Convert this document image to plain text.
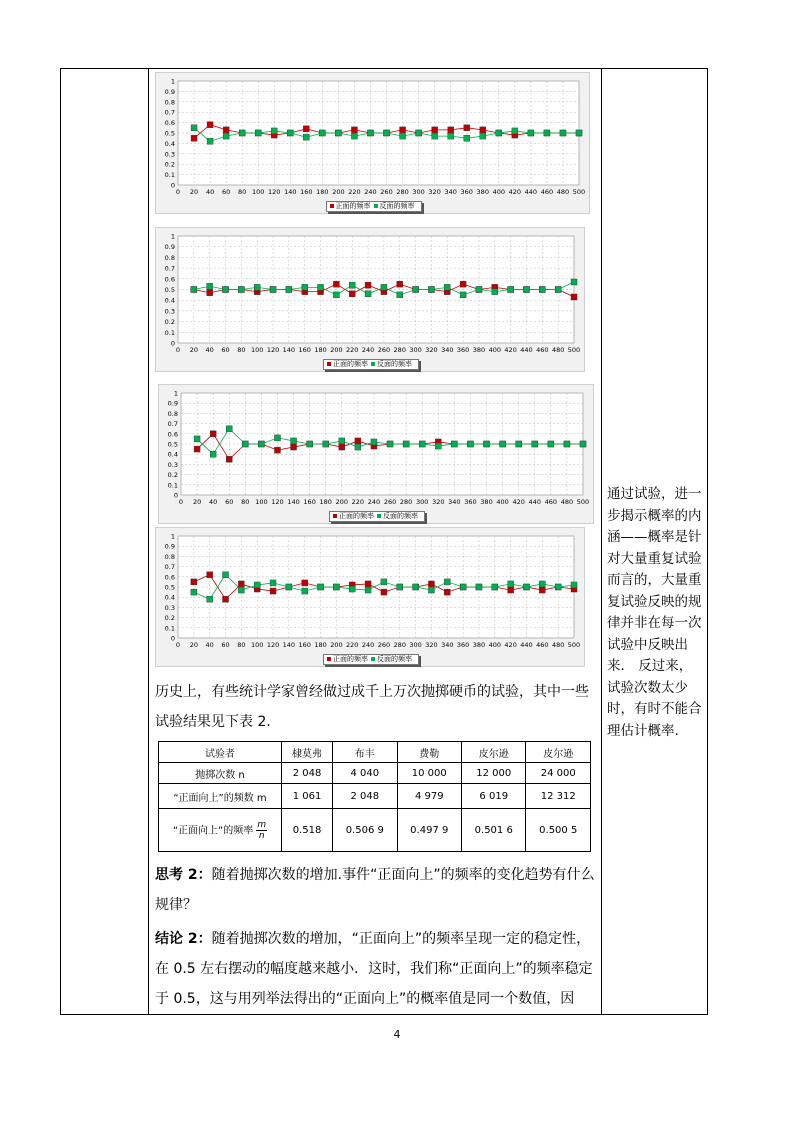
0
0.1
0.2
0.3
0.4
0.5
0.6
0.7
0.8
0.9
1
0 20 40 60 80 100 120 140 160 180 200 220 240 260 280 300 320 340 360 380 400 420 440 460 480 500
正面的频率 反面的频率
0
0.1
0.2
0.3
0.4
0.5
0.6
0.7
0.8
0.9
1
0 20 40 60 80 100 120 140 160 180 200 220 240 260 280 300 320 340 360 380 400 420 440 460 480 500
正面的频率 反面的频率
0
0.1
0.2
0.3
0.4
0.5
0.6
0.7
0.8
0.9
1
0 20 40 60 80 100 120 140 160 180 200 220 240 260 280 300 320 340 360 380 400 420 440 460 480 500
正面的频率 反面的频率
0
0.1
0.2
0.3
0.4
0.5
0.6
0.7
0.8
0.9
1
0 20 40 60 80 100 120 140 160 180 200 220 240 260 280 300 320 340 360 380 400 420 440 460 480 500
正面的频率 反面的频率
历史上，有些统计学家曾经做过成千上万次抛掷硬币的试验，其中一些试验结果见下表 2．
试验者	棣莫弗	布丰	费勒	皮尔逊	皮尔逊
抛掷次数 n	2 048	4 040	10 000	12 000	24 000
“正面向上”的频数 m	1 061	2 048	4 979	6 019	12 312
“正面向上”的频率 $\frac{m}{n}$	0.518	0.506 9	0.497 9	0.501 6	0.500 5
思考 2：随着抛掷次数的增加.事件“正面向上”的频率的变化趋势有什么规律？
结论 2：随着抛掷次数的增加，“正面向上”的频率呈现一定的稳定性，在 0.5 左右摆动的幅度越来越小．这时，我们称“正面向上”的频率稳定于 0.5，这与用列举法得出的“正面向上”的概率值是同一个数值，因
通过试验，进一步揭示概率的内涵——概率是针对大量重复试验而言的，大量重复试验反映的规律并非在每一次试验中反映出来． 反过来，试验次数太少时，有时不能合理估计概率.
4
